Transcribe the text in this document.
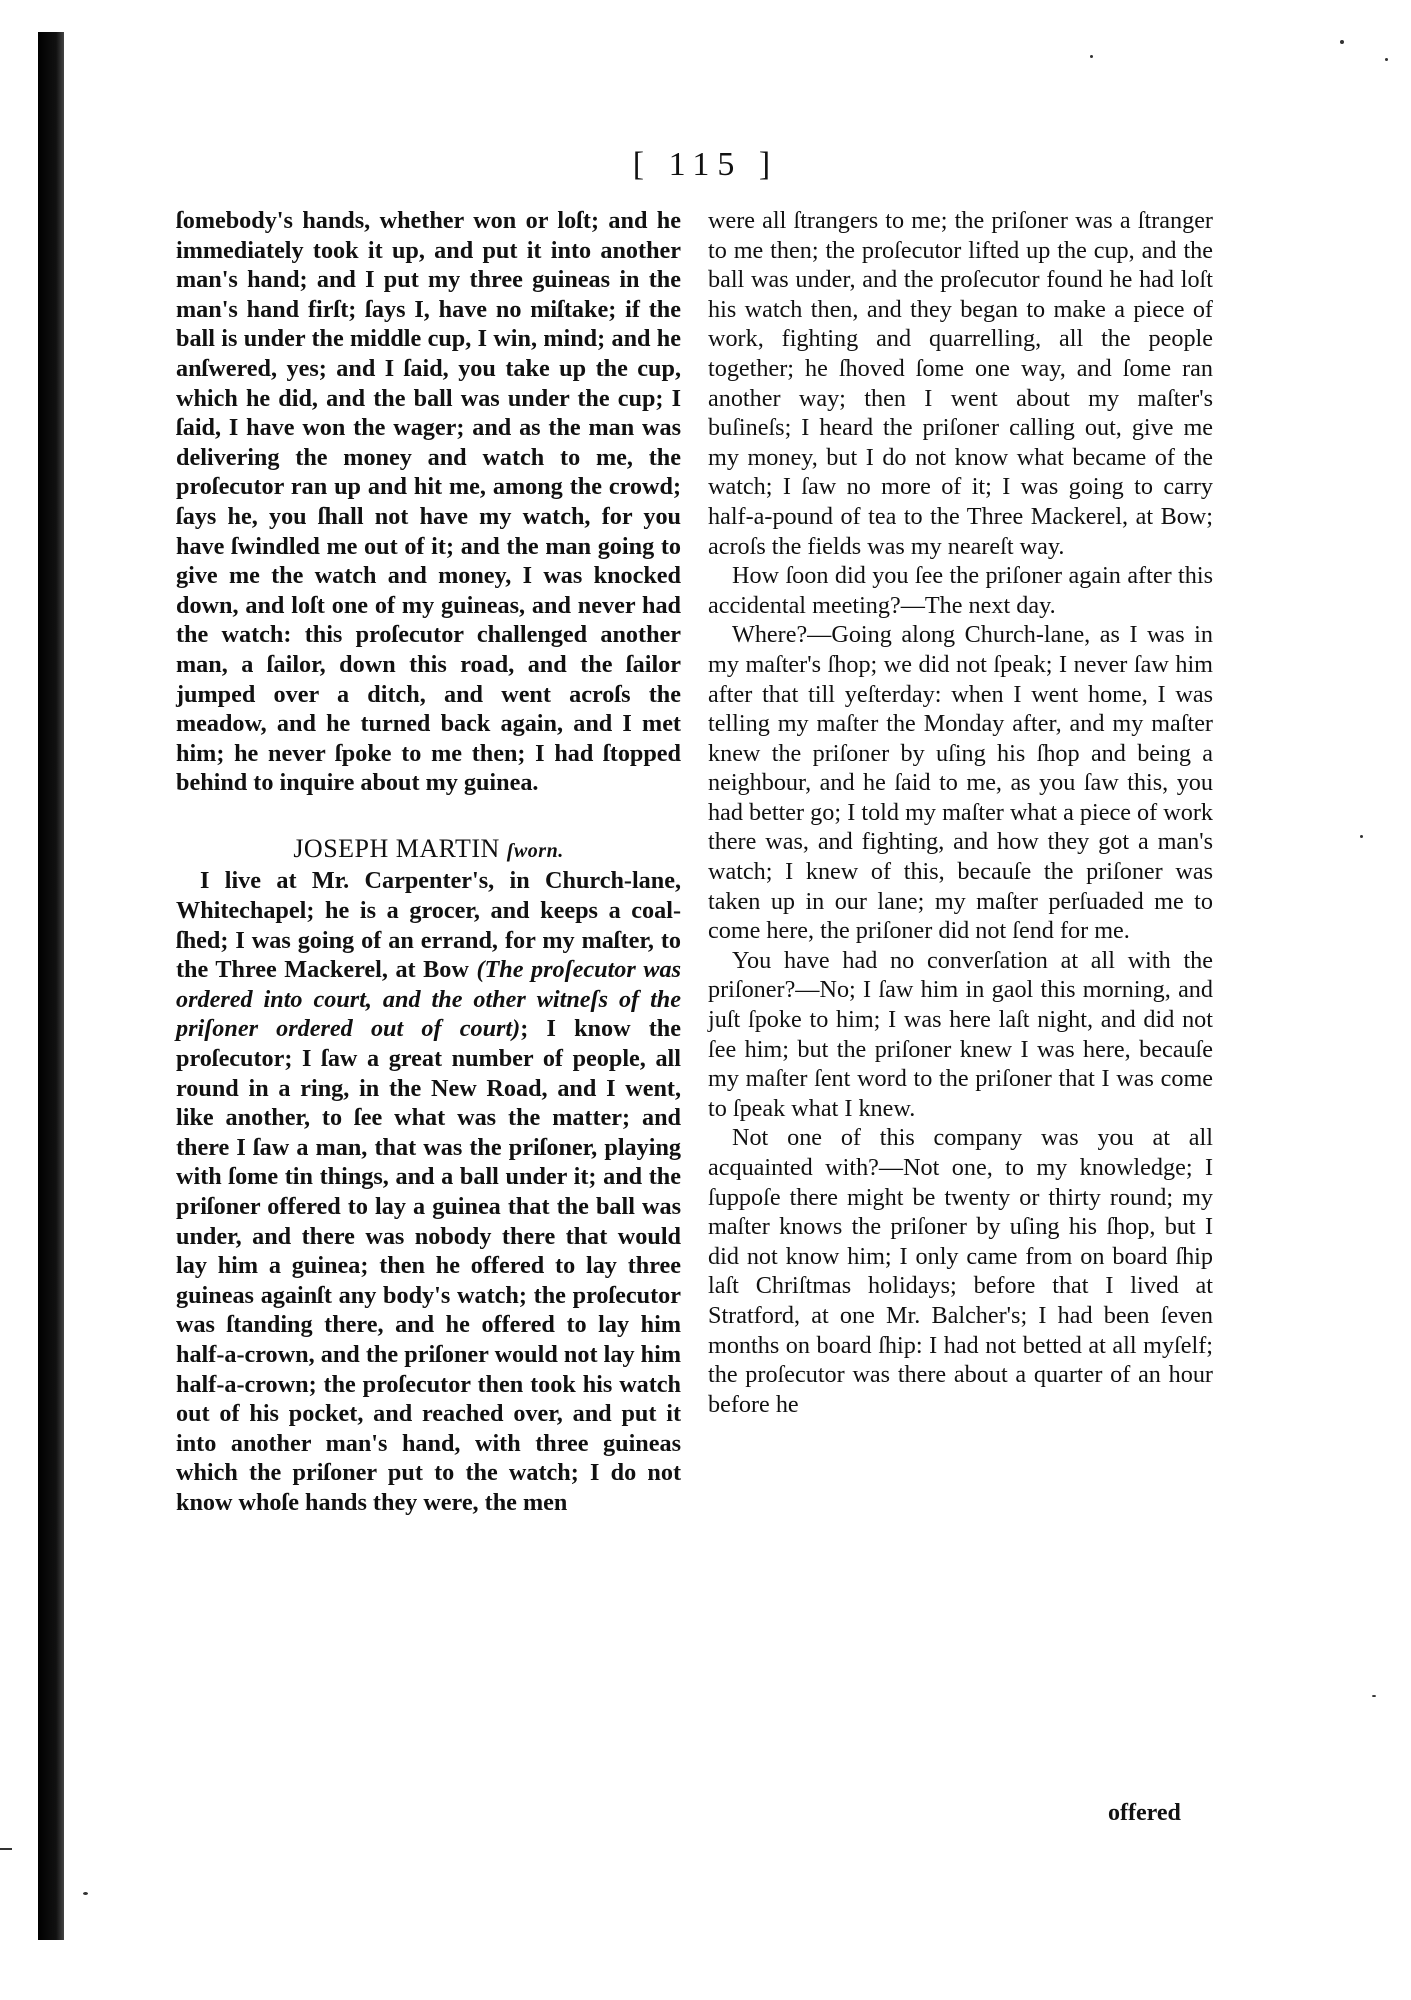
[ 115 ]

ſomebody's hands, whether won or loſt; and he immediately took it up, and put it into another man's hand; and I put my three guineas in the man's hand firſt; ſays I, have no miſtake; if the ball is under the middle cup, I win, mind; and he anſwered, yes; and I ſaid, you take up the cup, which he did, and the ball was under the cup; I ſaid, I have won the wager; and as the man was delivering the money and watch to me, the proſecutor ran up and hit me, among the crowd; ſays he, you ſhall not have my watch, for you have ſwindled me out of it; and the man going to give me the watch and money, I was knocked down, and loſt one of my guineas, and never had the watch: this proſecutor challenged another man, a ſailor, down this road, and the ſailor jumped over a ditch, and went acroſs the meadow, and he turned back again, and I met him; he never ſpoke to me then; I had ſtopped behind to inquire about my guinea.

JOSEPH MARTIN ſworn.

I live at Mr. Carpenter's, in Church-lane, Whitechapel; he is a grocer, and keeps a coal-ſhed; I was going of an errand, for my maſter, to the Three Mackerel, at Bow (The proſecutor was ordered into court, and the other witneſs of the priſoner ordered out of court); I know the proſecutor; I ſaw a great number of people, all round in a ring, in the New Road, and I went, like another, to ſee what was the matter; and there I ſaw a man, that was the priſoner, playing with ſome tin things, and a ball under it; and the priſoner offered to lay a guinea that the ball was under, and there was nobody there that would lay him a guinea; then he offered to lay three guineas againſt any body's watch; the proſecutor was ſtanding there, and he offered to lay him half-a-crown, and the priſoner would not lay him half-a-crown; the proſecutor then took his watch out of his pocket, and reached over, and put it into another man's hand, with three guineas which the priſoner put to the watch; I do not know whoſe hands they were, the men

were all ſtrangers to me; the priſoner was a ſtranger to me then; the proſecutor lifted up the cup, and the ball was under, and the proſecutor found he had loſt his watch then, and they began to make a piece of work, fighting and quarrelling, all the people together; he ſhoved ſome one way, and ſome ran another way; then I went about my maſter's buſineſs; I heard the priſoner calling out, give me my money, but I do not know what became of the watch; I ſaw no more of it; I was going to carry half-a-pound of tea to the Three Mackerel, at Bow; acroſs the fields was my neareſt way.

How ſoon did you ſee the priſoner again after this accidental meeting?—The next day.

Where?—Going along Church-lane, as I was in my maſter's ſhop; we did not ſpeak; I never ſaw him after that till yeſterday: when I went home, I was telling my maſter the Monday after, and my maſter knew the priſoner by uſing his ſhop and being a neighbour, and he ſaid to me, as you ſaw this, you had better go; I told my maſter what a piece of work there was, and fighting, and how they got a man's watch; I knew of this, becauſe the priſoner was taken up in our lane; my maſter perſuaded me to come here, the priſoner did not ſend for me.

You have had no converſation at all with the priſoner?—No; I ſaw him in gaol this morning, and juſt ſpoke to him; I was here laſt night, and did not ſee him; but the priſoner knew I was here, becauſe my maſter ſent word to the priſoner that I was come to ſpeak what I knew.

Not one of this company was you at all acquainted with?—Not one, to my knowledge; I ſuppoſe there might be twenty or thirty round; my maſter knows the priſoner by uſing his ſhop, but I did not know him; I only came from on board ſhip laſt Chriſtmas holidays; before that I lived at Stratford, at one Mr. Balcher's; I had been ſeven months on board ſhip: I had not betted at all myſelf; the proſecutor was there about a quarter of an hour before he

offered
